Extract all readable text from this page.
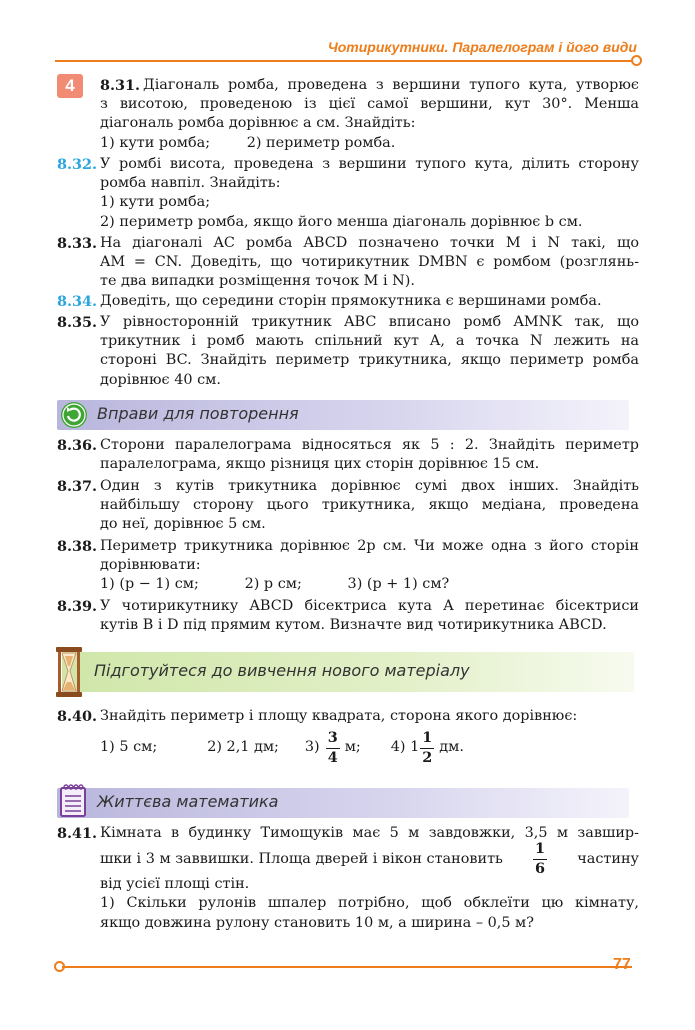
Чотирикутники. Паралелограм і його види
4	8.31. Діагональ ромба, проведена з вершини тупого кута, утворює
з висотою, проведеною із цієї самої вершини, кут 30°. Менша
діагональ ромба дорівнює a см. Знайдіть:
1) кути ромба;        2) периметр ромба.
8.32. У ромбі висота, проведена з вершини тупого кута, ділить сторону
ромба навпіл. Знайдіть:
1) кути ромба;
2) периметр ромба, якщо його менша діагональ дорівнює b см.
8.33. На діагоналі AC ромба ABCD позначено точки M і N такі, що
AM = CN. Доведіть, що чотирикутник DMBN є ромбом (розглянь-
те два випадки розміщення точок M і N).
8.34. Доведіть, що середини сторін прямокутника є вершинами ромба.
8.35. У рівносторонній трикутник ABC вписано ромб AMNK так, що
трикутник і ромб мають спільний кут A, а точка N лежить на
стороні BC. Знайдіть периметр трикутника, якщо периметр ромба
дорівнює 40 см.
Вправи для повторення
8.36. Сторони паралелограма відносяться як 5 : 2. Знайдіть периметр
паралелограма, якщо різниця цих сторін дорівнює 15 см.
8.37. Один з кутів трикутника дорівнює сумі двох інших. Знайдіть
найбільшу сторону цього трикутника, якщо медіана, проведена
до неї, дорівнює 5 см.
8.38. Периметр трикутника дорівнює 2p см. Чи може одна з його сторін
дорівнювати:
1) (p − 1) см;          2) p см;          3) (p + 1) см?
8.39. У чотирикутнику ABCD бісектриса кута A перетинає бісектриси
кутів B і D під прямим кутом. Визначте вид чотирикутника ABCD.
Підготуйтеся до вивчення нового матеріалу
8.40. Знайдіть периметр і площу квадрата, сторона якого дорівнює:
1) 5 см;	2) 2,1 дм; $3) \frac{3}{4} м$; 4) $1 \frac{1}{2}$ дм.
Життєва математика
8.41. Кімната в будинку Тимощуків має 5 м завдовжки, 3,5 м завшир-
шки і 3 м заввишки. Площа дверей і вікон становить $\frac{1}{6}$ частину
від усієї площі стін.
1) Скільки рулонів шпалер потрібно, щоб обклеїти цю кімнату,
якщо довжина рулону становить 10 м, а ширина – 0,5 м?
77
